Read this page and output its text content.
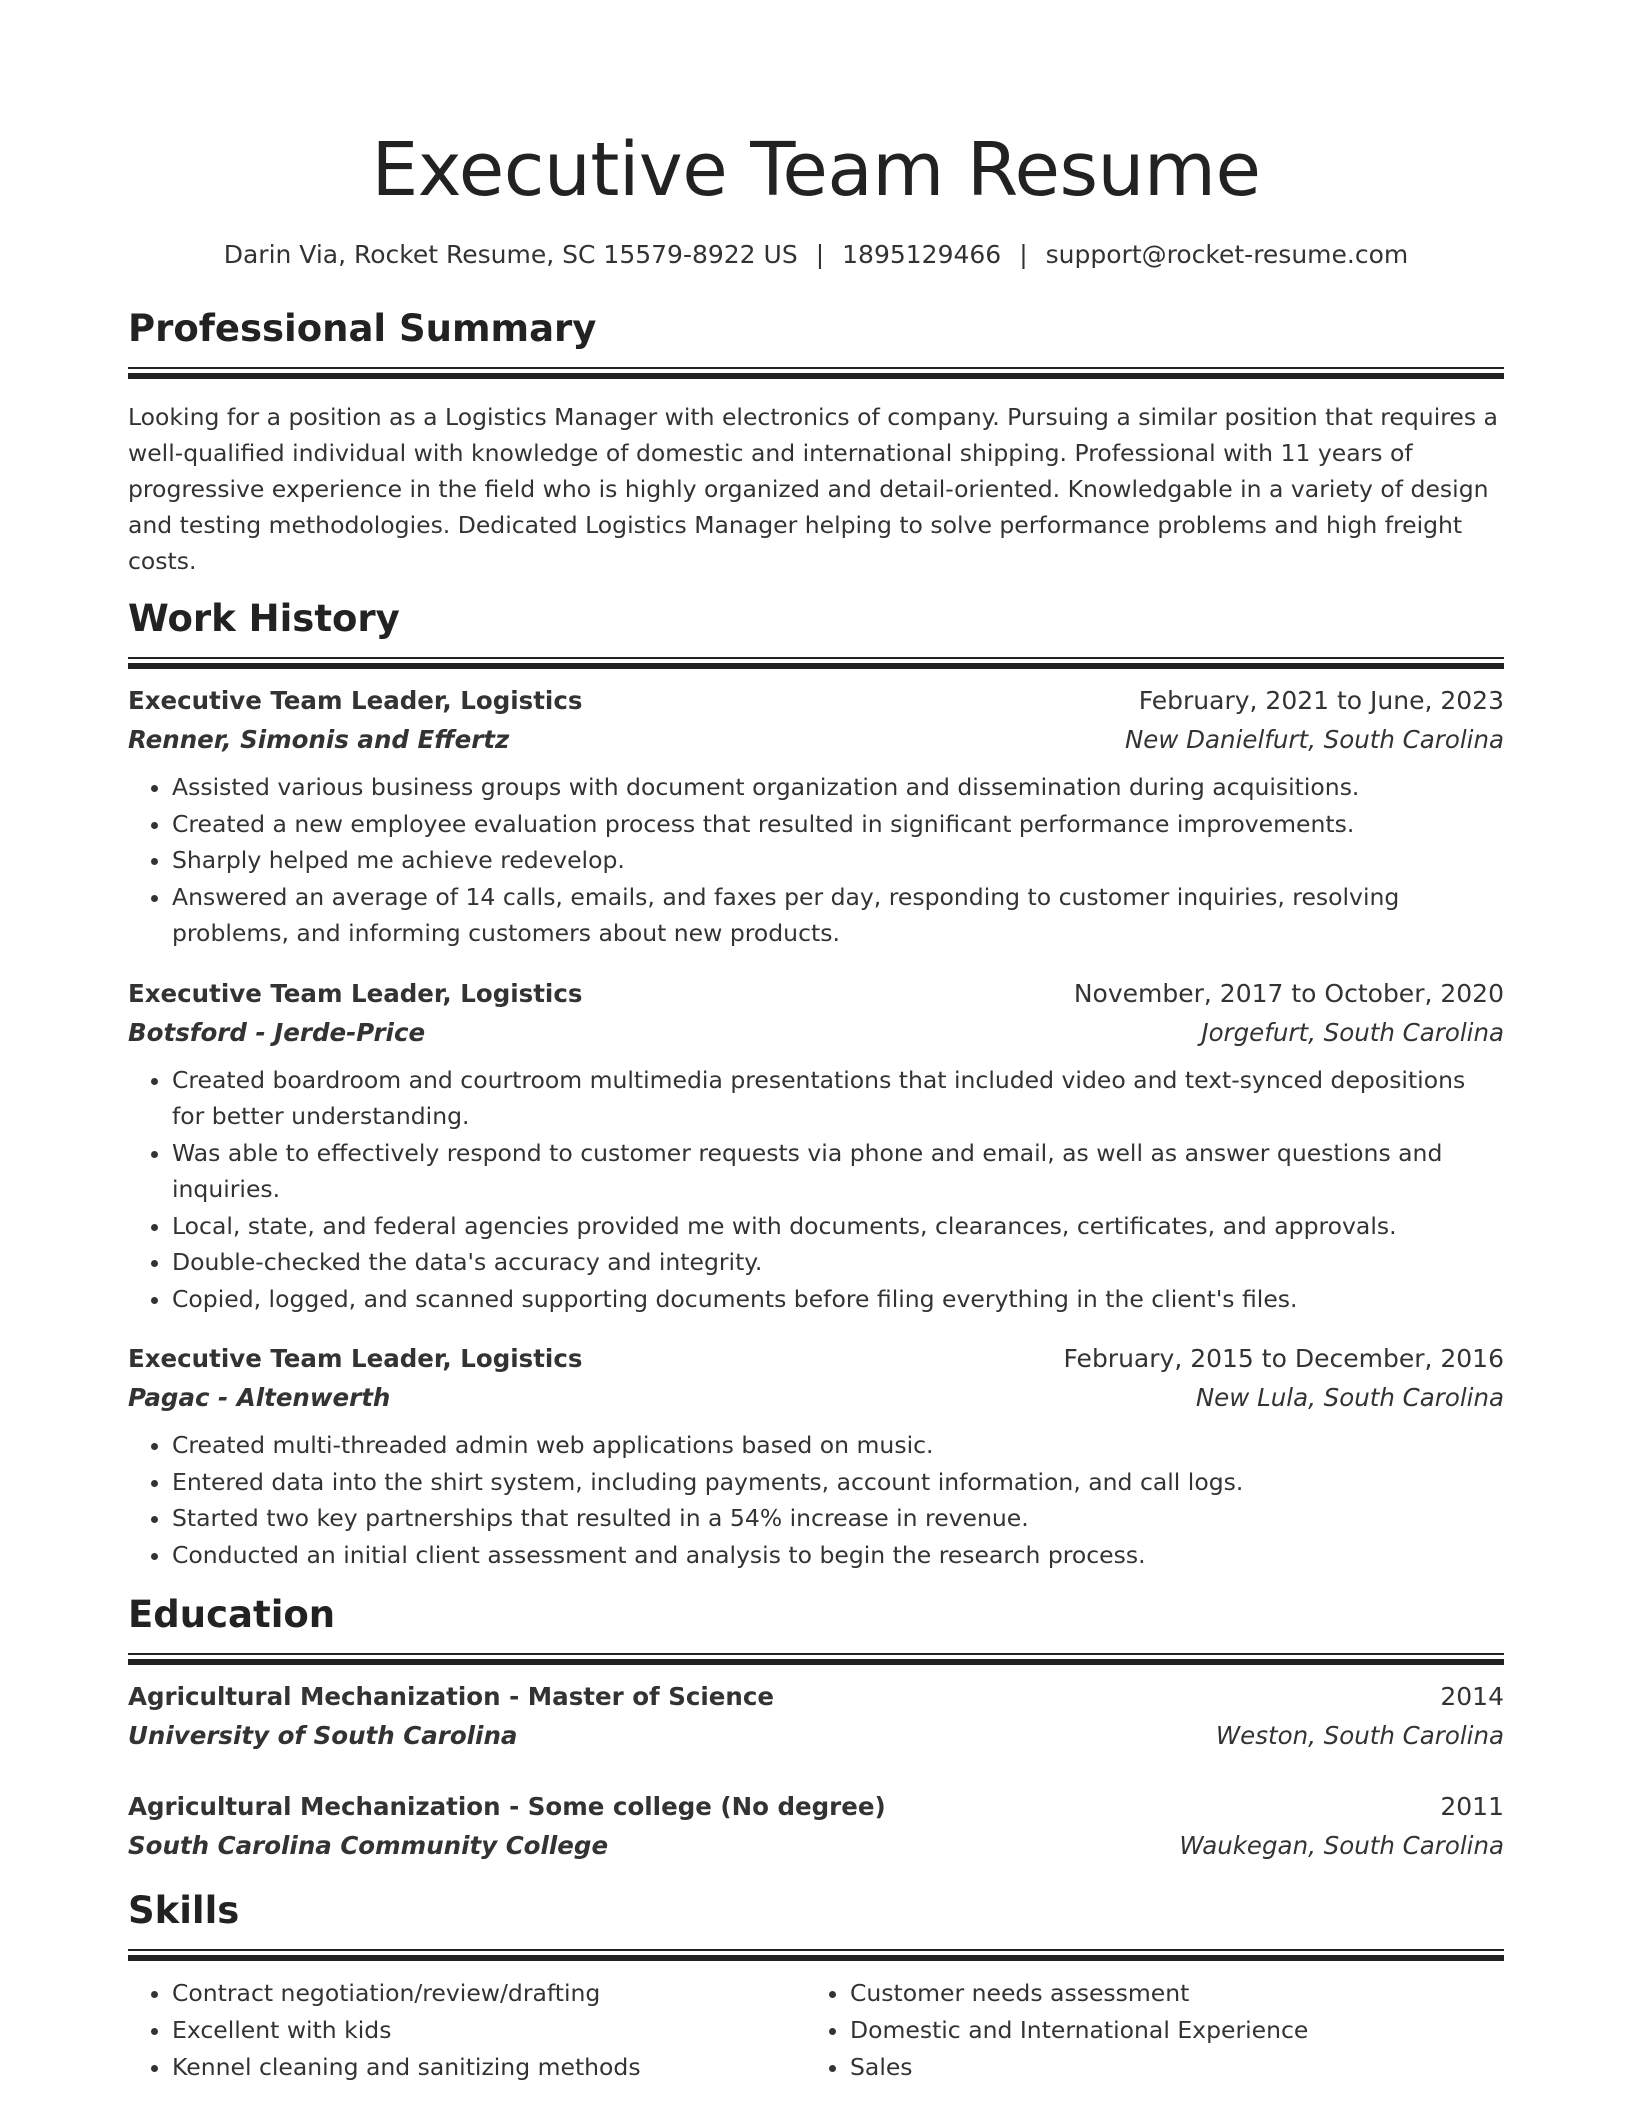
Executive Team Resume
Darin Via, Rocket Resume, SC 15579-8922 US | 1895129466 | support@rocket-resume.com
Professional Summary

Looking for a position as a Logistics Manager with electronics of company. Pursuing a similar position that requires a well-qualified individual with knowledge of domestic and international shipping. Professional with 11 years of progressive experience in the field who is highly organized and detail-oriented. Knowledgable in a variety of design and testing methodologies. Dedicated Logistics Manager helping to solve performance problems and high freight costs.

Work History
Executive Team Leader, Logistics	February, 2021 to June, 2023
Renner, Simonis and Effertz	New Danielfurt, South Carolina
• Assisted various business groups with document organization and dissemination during acquisitions.
• Created a new employee evaluation process that resulted in significant performance improvements.
• Sharply helped me achieve redevelop.
• Answered an average of 14 calls, emails, and faxes per day, responding to customer inquiries, resolving problems, and informing customers about new products.
Executive Team Leader, Logistics	November, 2017 to October, 2020
Botsford - Jerde-Price	Jorgefurt, South Carolina
• Created boardroom and courtroom multimedia presentations that included video and text-synced depositions for better understanding.
• Was able to effectively respond to customer requests via phone and email, as well as answer questions and inquiries.
• Local, state, and federal agencies provided me with documents, clearances, certificates, and approvals.
• Double-checked the data's accuracy and integrity.
• Copied, logged, and scanned supporting documents before filing everything in the client's files.
Executive Team Leader, Logistics	February, 2015 to December, 2016
Pagac - Altenwerth	New Lula, South Carolina
• Created multi-threaded admin web applications based on music.
• Entered data into the shirt system, including payments, account information, and call logs.
• Started two key partnerships that resulted in a 54% increase in revenue.
• Conducted an initial client assessment and analysis to begin the research process.
Education
Agricultural Mechanization - Master of Science	2014
University of South Carolina	Weston, South Carolina
Agricultural Mechanization - Some college (No degree)	2011
South Carolina Community College	Waukegan, South Carolina
Skills
• Contract negotiation/review/drafting
• Excellent with kids
• Kennel cleaning and sanitizing methods
• Customer needs assessment
• Domestic and International Experience
• Sales
